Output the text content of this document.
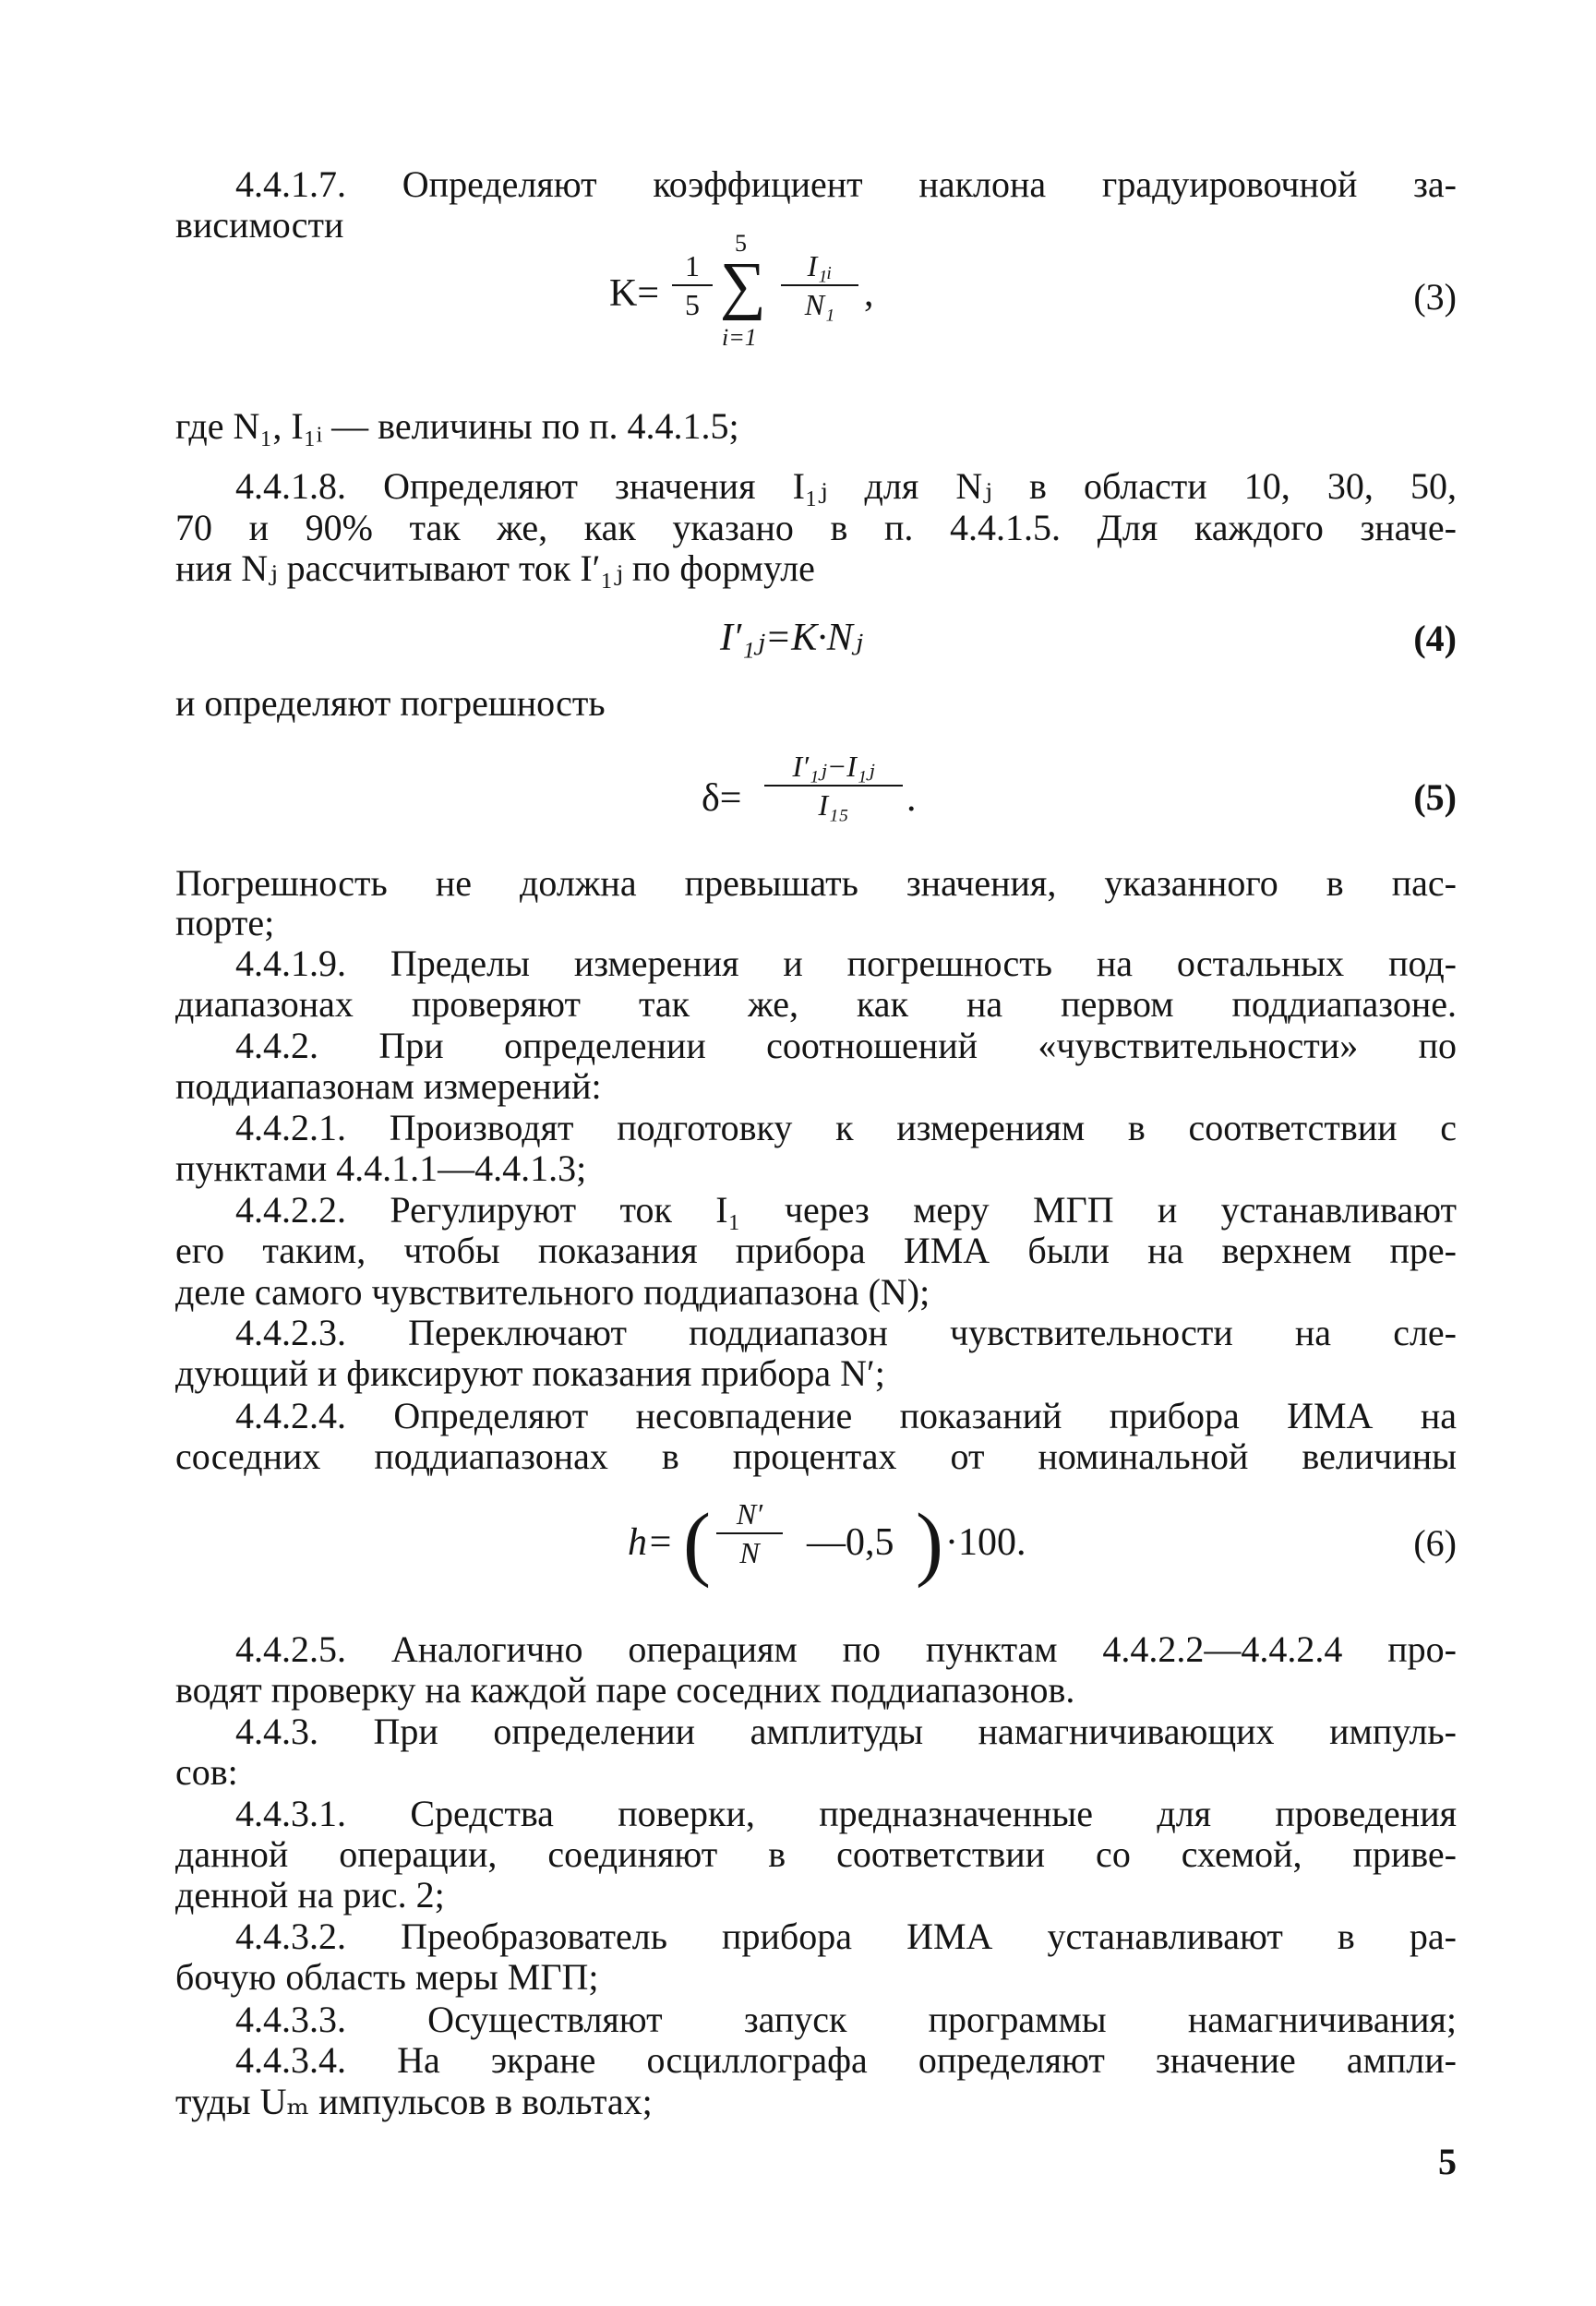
4.4.1.7. Определяют коэффициент наклона градуировочной за-
висимости
$K= \frac{1}{5}$
5
∑
i=1
$\frac{\text{I₁ᵢ}}{\text{N₁}}$ ,	(3)
где N₁, I₁ᵢ — величины по п. 4.4.1.5;
4.4.1.8. Определяют значения I₁ⱼ для Nⱼ в области 10, 30, 50,
70 и 90% так же, как указано в п. 4.4.1.5. Для каждого значе-
ния Nⱼ рассчитывают ток I′₁ⱼ по формуле
I′₁ⱼ=K·Nⱼ	(4)
и определяют погрешность
$\delta= \frac{\text{I′₁ⱼ−I₁ⱼ}}{\text{I₁₅}}$ .	(5)
Погрешность не должна превышать значения, указанного в пас-
порте;
4.4.1.9. Пределы измерения и погрешность на остальных под-
диапазонах проверяют так же, как на первом поддиапазоне.
4.4.2. При определении соотношений «чувствительности» по
поддиапазонам измерений:
4.4.2.1. Производят подготовку к измерениям в соответствии с
пунктами 4.4.1.1—4.4.1.3;
4.4.2.2. Регулируют ток I₁ через меру МГП и устанавливают
его таким, чтобы показания прибора ИМА были на верхнем пре-
деле самого чувствительного поддиапазона (N);
4.4.2.3. Переключают поддиапазон чувствительности на сле-
дующий и фиксируют показания прибора N′;
4.4.2.4. Определяют несовпадение показаний прибора ИМА на
соседних поддиапазонах в процентах от номинальной величины
h= ( $\frac{N'}{N}$ —0,5 ) ·100.	(6)
4.4.2.5. Аналогично операциям по пунктам 4.4.2.2—4.4.2.4 про-
водят проверку на каждой паре соседних поддиапазонов.
4.4.3. При определении амплитуды намагничивающих импуль-
сов:
4.4.3.1. Средства поверки, предназначенные для проведения
данной операции, соединяют в соответствии со схемой, приве-
денной на рис. 2;
4.4.3.2. Преобразователь прибора ИМА устанавливают в ра-
бочую область меры МГП;
4.4.3.3. Осуществляют запуск программы намагничивания;
4.4.3.4. На экране осциллографа определяют значение ампли-
туды Uₘ импульсов в вольтах;
5
